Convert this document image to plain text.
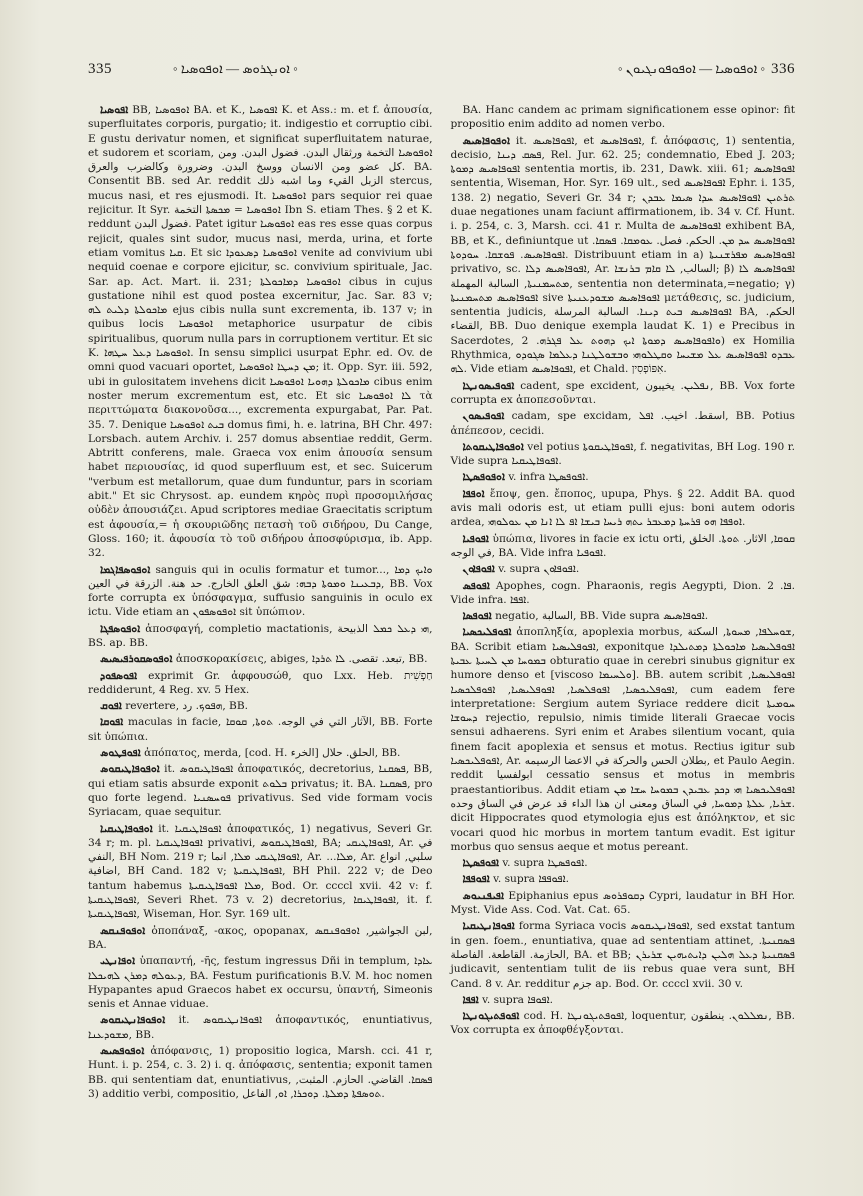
335	◦ ܐܘܢܓܪܘܣ — ܐܘܦܘܣܝܐ ◦	◦ ܐܘܦܘܣܝܐ — ܐܘܦܘܦܘܢܓܝܘܢ ◦ 336

ܐܦܘܣܝܐ BB, ܐܘܦܘܣܝܐ BA. et K., ܐܦܘܣܝܐ K. et Ass.: m. et f. ἀπουσία, superfluitates corporis, purgatio; it. indigestio et corruptio cibi. E gustu derivatur nomen, et significat superfluitatem naturae, et sudorem et scoriam, ܐܘܦܘܣܝܐ التخمة ورثقال البدن. فضول البدن. ومن كل عضو ومن الانسان ووسخ البدن. وضرورة وكالضرب والعرق. BA. Consentit BB. sed Ar. reddit الزبل القيء وما اشبه ذلك stercus, mucus nasi, et res ejusmodi. It. ܐܘܦܘܣܝܐ pars sequior rei quae rejicitur. It Syr. ܐܘܦܘܣܝܐ = ܡܟܣܬܐ التخمة Ibn S. etiam Thes. § 2 et K. reddunt فضول البدن. Patet igitur ܐܘܦܘܣܝܐ eas res esse quas corpus rejicit, quales sint sudor, mucus nasi, merda, urina, et forte etiam vomitus ܩܝܐ. Et sic ܐܘܦܘܣܝܐ ܕܣܥܘܕܐ venite ad convivium ubi nequid coenae e corpore ejicitur, sc. convivium spirituale, Jac. Sar. ap. Act. Mart. ii. 231; ܐܘܦܘܣܝܐ ܕܡܐܟܘܠܬܐ cibus in cujus gustatione nihil est quod postea excernitur, Jac. Sar. 83 v; ܡܐܟܘܠܬܐ ܕܠܝܬ ܠܗ ejus cibis nulla sunt excrementa, ib. 137 v; in quibus locis ܐܘܦܘܣܝܐ metaphorice usurpatur de cibis spiritualibus, quorum nulla pars in corruptionem vertitur. Et sic K. ܐܘܦܘܣܝܐ ܕܥܠ ܚܛܗܐ. In sensu simplici usurpat Ephr. ed. Ov. de omni quod vacuari oportet, ܡܢ ܕܚܛܐ ܐܘܦܘܣܝܐ; it. Opp. Syr. iii. 592, ubi in gulositatem invehens dicit ܡܐܟܘܠܬܐ ܕܗܘܝܐ ܐܘܦܘܣܝܐ cibus enim noster merum excrementum est, etc. Et sic ܠܐ ܐܘܦܘܣܝܐ τὰ περιττώματα διακονοῦσα..., excrementa expurgabat, Par. Pat. 35. 7. Denique ܒܝܬ ܐܘܦܘܣܝܐ domus fimi, h. e. latrina, BH Chr. 497: Lorsbach. autem Archiv. i. 257 domus absentiae reddit, Germ. Abtritt conferens, male. Graeca vox enim ἀπουσία sensum habet περιουσίας, id quod superfluum est, et sec. Suicerum "verbum est metallorum, quae dum funduntur, pars in scoriam abit." Et sic Chrysost. ap. eundem κηρὸς πυρὶ προσομιλήσας οὐδὲν ἀπουσιάζει. Apud scriptores mediae Graecitatis scriptum est ἀφουσία,= ἡ σκουριῶδης πετασὴ τοῦ σιδήρου, Du Cange, Gloss. 160; it. ἀφουσία τὸ τοῦ σιδήρου ἀποσφύρισμα, ib. App. 32.

ܐܘܦܘܣܦܐܓܡܐ sanguis qui in oculis formatur et tumor..., ܘܐܝܟ ܕܡܐ ܕܒܥܝܢܐ ܘܡܘܬܐ ܕܒܗ: شق العلق الخارج. حد هنة. الزرقة في العين, BB. Vox forte corrupta ex ὑπόσφαγμα, suffusio sanguinis in oculo ex ictu. Vide etiam an ܐܘܦܘܣܦܘܢ sit ὑπώπιον.

ܐܘܦܘܣܦܓܐ ἀποσφαγή, completio mactationis, ܗܝ ܕܥܠ ܟܡܠ الذبيحة, BS. ap. BB.

ܐܘܦܘܣܩܘܪܦܝܣܝܣ ἀποσκορακίσεις, abiges, تبعد. تقصى. ܠܐ ܬܪܕܐ, BB.

ܐܦܘܣܦܘܕ exprimit Gr. ἀφφουσώθ, quo Lxx. Heb. חַפְשִׁית reddiderunt, 4 Reg. xv. 5 Hex.

ܐܦܘܩ revertere, ܗܦܘܟ. رد, BB.

ܐܦܘܩܐ maculas in facie, الآثار التي في الوجه. ܬܘܬܐ, ܩܘܩܐ, BB. Forte sit ὑπώπια.

ܐܦܘܦܛܘܣ ἀπόπατος, merda, [cod. H. الخرء] الحلق. حلال, BB.

ܐܘܦܘܦܐܛܝܩܘܣ it. ܐܦܘܦܐܛܝܩܘܣ ἀποφατικός, decretorius, ܦܣܩܢܐ, BB, qui etiam satis absurde exponit ܒܠܘܬ privatus; it. BA. ܦܣܩܢܐ, pro quo forte legend. ܦܘܚܣܢܝܐ privativus. Sed vide formam vocis Syriacam, quae sequitur.

ܐܘܦܘܦܐܛܝܩܝܐ it. ܐܦܘܦܐܛܝܩܝܐ ἀποφατικός, 1) negativus, Severi Gr. 34 r; m. pl. ܐܦܘܦܐܛܝܩܝܐ privativi, ܐܦܘܦܐܛܝܩܘܣ, BA; ܐܦܘܦܐܛܝܩܝ, Ar. في النفي, BH Nom. 219 r; ܐܦܘܦܐܛܝܩܝ ܡܠܐ, انما, Ar. ...ܡܠܐ, Ar. سلبي, انواع اضافية, BH Cand. 182 v; ܐܦܘܦܐܛܝܩܝܬܐ, BH Phil. 222 v; de Deo tantum habemus ܡܠܐ ܐܦܘܦܐܛܝܩܝܬܐ, Bod. Or. ccccl xvii. 42 v: f. ܐܦܘܦܐܛܝܩܝܬܐ, Severi Rhet. 73 v. 2) decretorius, ܐܦܘܦܐܛܝܩܐ, it. f. ܐܦܘܦܐܛܝܩܝܬܐ, Wiseman, Hor. Syr. 169 ult.

ܐܘܦܘܦܢܩܣ ὀποπάναξ, -ακος, opopanax, لبن الجواشير, ܐܘܦܘܦܢܩܣ, BA.

ܐܘܦܐܢܛܝ ὑπαπαντή, -ῆς, festum ingressus Dñi in templum, ܥܐܕܐ ܕܥܘܠܗ ܕܡܪܢ ܠܗܝܟܠܐ, BA. Festum purificationis B.V. M. hoc nomen Hypapantes apud Graecos habet ex occursu, ὑπαντή, Simeonis senis et Annae viduae.

ܐܘܦܘܦܐܢܛܝܩܘܣ it. ܐܦܘܦܐܢܛܝܩܘܣ ἀποφαντικός, enuntiativus, ܡܫܘܕܥܢܐ, BB.

ܐܘܦܘܦܣܝܣ ἀπόφανσις, 1) propositio logica, Marsh. cci. 41 r, Hunt. i. p. 254, c. 3. 2) i. q. ἀπόφασις, sententia; exponit tamen BB. qui sententiam dat, enuntiativus, ܦܣܩܐ. القاضي. الحازم. المثبت, 3) additio verbi, compositio, ܬܘܣܦܬܐ ܕܡܠܬܐ. ܕܘܟܪܐ, ܐܘ, الفاعل.

BA. Hanc candem ac primam significationem esse opinor: fit propositio enim addito ad nomen verbo.

ܐܘܦܘܦܐܣܝܣ it. ܐܦܘܦܐܣܝܣ, et ܐܦܘܦܐܣܝܣ, f. ἀπόφασις, 1) sententia, decisio, ܦܣܩ ܕܝܢܐ, Rel. Jur. 62. 25; condemnatio, Ebed J. 203; ܐܦܘܦܐܣܝܣ ܕܡܘܬܐ sententia mortis, ib. 231, Dawk. xiii. 61; ܐܦܘܦܐܣܝܣ sententia, Wiseman, Hor. Syr. 169 ult., sed ܐܦܘܦܐܣܝܣ Ephr. i. 135, 138. 2) negatio, Severi Gr. 34 r; ܬܪܬܝܢ ܐܦܘܦܐܣܝܣ ܚܕܐ ܣܝܡܐ ܥܒܕܢ duae negationes unam faciunt affirmationem, ib. 34 v. Cf. Hunt. i. p. 254, c. 3, Marsh. cci. 41 r. Multa de ܐܦܘܦܐܣܝܣ exhibent BA, BB, et K., definiuntque ut ܐܦܘܦܐܣܝܣ ܚܕ ܡܢ. الحكم. فصل. ܥܘܡܩܐ. ܦܣܩܐ. ܐܦܘܦܐܣܝܣ. ܦܘܫܩܐ. ܚܘܕܘܬܐ. Distribuunt etiam in a) ܐܦܘܦܐܣܝܣ ܡܦܪܫܢܝܬܐ privativo, sc. ܐܦܘܦܐܣܝܣ ܕܠܐ, Ar. السالب, ܠܐ ܩܐܡ ܒܪܢܫܐ; β) ܐܦܘܦܐܣܝܣ ܠܐ ܡܬܚܡܢܝܬܐ, السالبة المهملة, sententia non determinata,=negatio; γ) ܐܦܘܦܐܣܝܣ ܡܬܚܡܢܝܬܐ sive ܐܦܘܦܐܣܝܣ ܡܫܘܕܥܢܝܬܐ μετάθεσις, sc. judicium, sententia judicis, ܐܦܘܦܐܣܝܣ ܒܝܬ ܕܝܢܐ. السالبة المرسلة BA, الحكم. القضاء, BB. Duo denique exempla laudat K. 1) e Precibus in Sacerdotes, ܘܐܦܘܦܐܣܝܣ ܕܡܘܬܐ ܐܝܟ ܕܗܘܬ ܥܠ ܦܓܪܗ. 2) ex Homilia Rhythmica, ܥܒܕܘ ܐܦܘܦܐܣܝܣ ܥܠ ܡܫܝܚܐ ܘܩܛܠܘܗܝ ܘܒܫܘܠܛܢܐ ܕܥܠܡܐ ܣܓܘܕܘ ܠܗ. Vide etiam ܐܦܘܦܐܣܝܣ, et Chald. אִפּוֹפְסִין.

ܐܦܘܦܝܣܘܢܛܐ cadent, spe excident, ܢܦܠܝܢ. يخيبون, BB. Vox forte corrupta ex ἀποπεσοῦνται.

ܐܦܘܦܝܣܘܢ cadam, spe excidam, اسقط. اخيب. ܐܦܠ, BB. Potius ἀπέπεσον, cecidi.

ܐܘܦܘܦܐܛܝܩܘܬܐ vel potius ܐܦܘܦܐܛܝܩܘܬܐ, f. negativitas, BH Log. 190 r. Vide supra ܐܦܘܦܐܛܝܩܝܐ.

ܐܘܦܘܦܣܛܐ v. infra ܐܦܘܦܣܛܐ.

ܐܘܦܦܐ ἔποψ, gen. ἔποπος, upupa, Phys. § 22. Addit BA. quod avis mali odoris est, ut etiam pulli ejus: boni autem odoris ardea, ܐܘܦܦܐ ܗܘ ܦܪܚܬܐ ܕܡܥܒܪ ܝܬܗ ܪܝܚܐ ܒܝܫܐ ܐܦ ܠܐ ܐܢܐ ܡܢ ܥܘܠܘܗܝ.

ܐܦܘܦܝܐ ὑπώπια, livores in facie ex ictu orti, ܩܘܩܐ, الاثار. ܬܘܬܐ. الخلق في الوجه, BA. Vide infra ܐܦܘܦܝܐ.

ܐܦܘܦܐܘܢ v. supra ܐܦܘܦܐܘܢ.

ܐܦܘܦܣ Apophes, cogn. Pharaonis, regis Aegypti, Dion. ܦܐ. 2. Vide infra. ܐܦܦܐ.

ܐܦܘܦܣܐ negatio, السالبة, BB. Vide supra ܐܦܘܦܐܣܝܣ.

ܐܦܘܦܠܝܟܣܝܐ ἀποπληξία, apoplexia morbus, ܫܘܚܠܦܐ, ܡܚܘܬܐ, السكتة, BA. Scribit etiam ܐܦܘܦܠܝܣܝܐ, exponitque ܐܦܘܦܠܝܣܝܐ ܡܐܟܘܠܬܐ ܕܡܬܝܠܕܐ ܒܡܘܚܐ ܡܢ ܠܚܝܬܐ ܥܒܝܬܐ obturatio quae in cerebri sinubus gignitur ex humore denso et [viscoso ܘܠܚܝܡܐ]. BB. autem scribit ܐܦܘܦܠܝܣܝܐ, ܐܦܘܦܠܝܟܣܝܐ, ܐܦܘܦܠܣܝܐ, ܐܦܘܦܠܝܣܝܐ, ܐܦܘܦܠܟܣܝܐ, cum eadem fere interpretatione: Sergium autem Syriace reddere dicit ܚܘܡܝܬܐ ܕܚܘܫܐ rejectio, repulsio, nimis timide literali Graecae vocis sensui adhaerens. Syri enim et Arabes silentium vocant, quia finem facit apoplexia et sensus et motus. Rectius igitur sub ܐܦܘܦܠܝܟܣܝܐ, Ar. بطلان الحس والحركة في الاعضا الرسيمه, et Paulo Aegin. reddit ابولفسيا cessatio sensus et motus in membris praestantioribus. Addit etiam ܐܦܘܦܠܝܟܣܝܐ ܗܝ ܕܟܕ ܥܒܝܕܢ ܒܡܘܚܐ ܚܫܐ ܡܢ ܫܪܝܐ, ܥܠܬܐ ܕܡܘܚܐ, في الساق ومعنى ان هذا الداء قد عرض في الساق وحده. dicit Hippocrates quod etymologia ejus est ἀπόληκτον, et sic vocari quod hic morbus in mortem tantum evadit. Est igitur morbus quo sensus aeque et motus pereant.

ܐܦܘܦܣܛܐ v. supra ܐܦܘܦܣܛܐ.

ܐܦܘܦܦܐ v. supra ܐܦܘܦܦܐ.

ܐܦܝܦܢܝܘܣ Epiphanius epus ܕܩܘܦܪܘܣ Cypri, laudatur in BH Hor. Myst. Vide Ass. Cod. Vat. Cat. 65.

ܐܦܘܦܐܢܛܝܩܝܐ forma Syriaca vocis ܐܦܘܦܐܢܛܝܩܘܣ, sed exstat tantum in gen. foem., enuntiativa, quae ad sententiam attinet, ܦܣܩܢܝܬܐ. الحازمة. القاطعة. الفاصلة, BA. et BB; ܦܣܩܢܝܬܐ ܕܥܠ ܗܠܝܢ ܕܐܝܬܝܗܝܢ ܫܪܝܪܢ judicavit, sententiam tulit de iis rebus quae vera sunt, BH Cand. 8 v. Ar. redditur جزم ap. Bod. Or. ccccl xvii. 30 v.

ܐܦܦܐ v. supra ܐܦܘܦܐ.

ܐܦܘܦܬܝܓܘܢܛܐ cod. H. ܐܦܘܦܬܝܓܘܢܛܐ, loquentur, ܢܡܠܠܘܢ. ينطقون, BB. Vox corrupta ex ἀποφθέγξονται.
